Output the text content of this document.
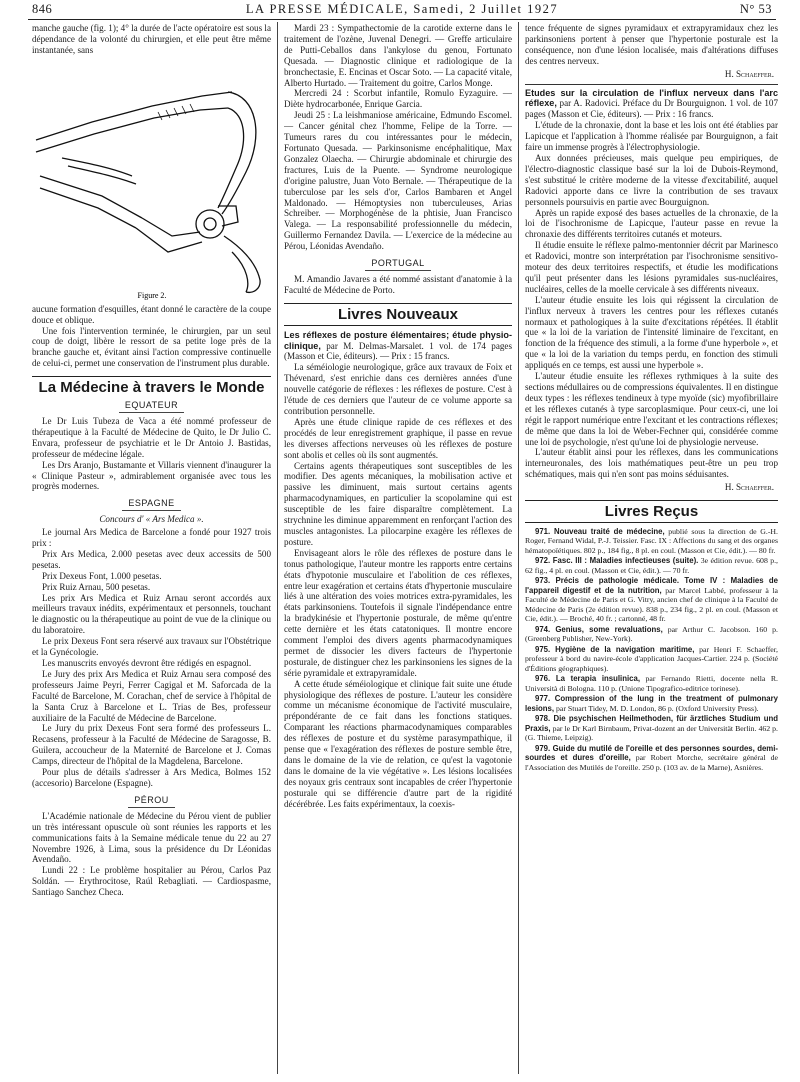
846	LA PRESSE MÉDICALE, Samedi, 2 Juillet 1927	N° 53

manche gauche (fig. 1); 4° la durée de l'acte opératoire est sous la dépendance de la volonté du chirurgien, et elle peut être même instantanée, sans

Figure 2.

aucune formation d'esquilles, étant donné le caractère de la coupe douce et oblique.

Une fois l'intervention terminée, le chirurgien, par un seul coup de doigt, libère le ressort de sa petite loge près de la branche gauche et, évitant ainsi l'action compressive continuelle de celui-ci, permet une conservation de l'instrument plus durable.

La Médecine à travers le Monde
EQUATEUR

Le Dr Luis Tubeza de Vaca a été nommé professeur de thérapeutique à la Faculté de Médecine de Quito, le Dr Julio C. Envara, professeur de psychiatrie et le Dr Antoio J. Bastidas, professeur de médecine légale.

Les Drs Aranjo, Bustamante et Villaris viennent d'inaugurer la « Clinique Pasteur », admirablement organisée avec tous les progrès modernes.

ESPAGNE
Concours d' « Ars Medica ».

Le journal Ars Medica de Barcelone a fondé pour 1927 trois prix :

Prix Ars Medica, 2.000 pesetas avec deux accessits de 500 pesetas.

Prix Dexeus Font, 1.000 pesetas.

Prix Ruiz Arnau, 500 pesetas.

Les prix Ars Medica et Ruiz Arnau seront accordés aux meilleurs travaux inédits, expérimentaux et personnels, touchant le diagnostic ou la thérapeutique au point de vue de la clinique ou du laboratoire.

Le prix Dexeus Font sera réservé aux travaux sur l'Obstétrique et la Gynécologie.

Les manuscrits envoyés devront être rédigés en espagnol.

Le Jury des prix Ars Medica et Ruiz Arnau sera composé des professeurs Jaime Peyri, Ferrer Cagigal et M. Saforcada de la Faculté de Barcelone, M. Corachan, chef de service à l'hôpital de la Santa Cruz à Barcelone et L. Trias de Bes, professeur auxiliaire de la Faculté de Médecine de Barcelone.

Le Jury du prix Dexeus Font sera formé des professeurs L. Recasens, professeur à la Faculté de Médecine de Saragosse, B. Guilera, accoucheur de la Maternité de Barcelone et J. Comas Camps, directeur de l'hôpital de la Magdelena, Barcelone.

Pour plus de détails s'adresser à Ars Medica, Bolmes 152 (accesorio) Barcelone (Espagne).

PÉROU

L'Académie nationale de Médecine du Pérou vient de publier un très intéressant opuscule où sont réunies les rapports et les communications faits à la Semaine médicale tenue du 22 au 27 Novembre 1926, à Lima, sous la présidence du Dr Léonidas Avendaño.

Lundi 22 : Le problème hospitalier au Pérou, Carlos Paz Soldán. — Erythrocitose, Raúl Rebagliati. — Cardiospasme, Santiago Sanchez Checa.

Mardi 23 : Sympathectomie de la carotide externe dans le traitement de l'ozène, Juvenal Denegri. — Greffe articulaire de Putti-Ceballos dans l'ankylose du genou, Fortunato Quesada. — Diagnostic clinique et radiologique de la bronchectasie, E. Encinas et Oscar Soto. — La capacité vitale, Alberto Hurtado. — Traitement du goitre, Carlos Monge.

Mercredi 24 : Scorbut infantile, Romulo Eyzaguire. — Diète hydrocarbonée, Enrique Garcia.

Jeudi 25 : La leishmaniose américaine, Edmundo Escomel. — Cancer génital chez l'homme, Felipe de la Torre. — Tumeurs rares du cou intéressantes pour le médecin, Fortunato Quesada. — Parkinsonisme encéphalitique, Max Gonzalez Olaecha. — Chirurgie abdominale et chirurgie des fractures, Luis de la Puente. — Syndrome neurologique d'origine palustre, Juan Voto Bernale. — Thérapeutique de la tuberculose par les sels d'or, Carlos Bambaren et Angel Maldonado. — Hémoptysies non tuberculeuses, Arias Schreiber. — Morphogénèse de la phtisie, Juan Francisco Valega. — La responsabilité professionnelle du médecin, Guillermo Fernandez Davila. — L'exercice de la médecine au Pérou, Léonidas Avendaño.

PORTUGAL

M. Amandio Javares a été nommé assistant d'anatomie à la Faculté de Médecine de Porto.

Livres Nouveaux

Les réflexes de posture élémentaires; étude physio-clinique, par M. Delmas-Marsalet. 1 vol. de 174 pages (Masson et Cie, éditeurs). — Prix : 15 francs.

La séméiologie neurologique, grâce aux travaux de Foix et Thévenard, s'est enrichie dans ces dernières années d'une nouvelle catégorie de réflexes : les réflexes de posture. C'est à l'étude de ces derniers que l'auteur de ce volume apporte sa contribution personnelle.

Après une étude clinique rapide de ces réflexes et des procédés de leur enregistrement graphique, il passe en revue les diverses affections nerveuses où les réflexes de posture sont abolis et celles où ils sont augmentés.

Certains agents thérapeutiques sont susceptibles de les modifier. Des agents mécaniques, la mobilisation active et passive les diminuent, mais surtout certains agents pharmacodynamiques, en particulier la scopolamine qui est susceptible de les faire disparaître complètement. La strychnine les diminue apparemment en renforçant l'action des muscles antagonistes. La pilocarpine exagère les réflexes de posture.

Envisageant alors le rôle des réflexes de posture dans le tonus pathologique, l'auteur montre les rapports entre certains états d'hypotonie musculaire et l'abolition de ces réflexes, entre leur exagération et certains états d'hypertonie musculaire liés à une altération des voies motrices extra-pyramidales, les états parkinsoniens. Toutefois il signale l'indépendance entre la bradykinésie et l'hypertonie posturale, de même qu'entre cette dernière et les états catatoniques. Il montre encore comment l'emploi des divers agents pharmacodynamiques permet de dissocier les divers facteurs de l'hypertonie posturale, de distinguer chez les parkinsoniens les signes de la série pyramidale et extrapyramidale.

A cette étude séméiologique et clinique fait suite une étude physiologique des réflexes de posture. L'auteur les considère comme un mécanisme économique de l'activité musculaire, prépondérante de ce fait dans les fonctions statiques. Comparant les réactions pharmacodynamiques comparables des réflexes de posture et du système parasympathique, il pense que « l'exagération des réflexes de posture semble être, dans le domaine de la vie de relation, ce qu'est la vagotonie dans le domaine de la vie végétative ». Les lésions localisées des noyaux gris centraux sont incapables de créer l'hypertonie posturale qui se différencie d'autre part de la rigidité décérébrée. Les faits expérimentaux, la coexis-

tence fréquente de signes pyramidaux et extrapyramidaux chez les parkinsoniens portent à penser que l'hypertonie posturale est la conséquence, non d'une lésion localisée, mais d'altérations diffuses des centres nerveux.

H. Schaeffer.

Etudes sur la circulation de l'influx nerveux dans l'arc réflexe, par A. Radovici. Préface du Dr Bourguignon. 1 vol. de 107 pages (Masson et Cie, éditeurs). — Prix : 16 francs.

L'étude de la chronaxie, dont la base et les lois ont été établies par Lapicque et l'application à l'homme réalisée par Bourguignon, a fait faire un immense progrès à l'électrophysiologie.

Aux données précieuses, mais quelque peu empiriques, de l'électro-diagnostic classique basé sur la loi de Dubois-Reymond, s'est substitué le critère moderne de la vitesse d'excitabilité, auquel Radovici apporte dans ce livre la contribution de ses travaux personnels poursuivis en partie avec Bourguignon.

Après un rapide exposé des bases actuelles de la chronaxie, de la loi de l'isochronisme de Lapicque, l'auteur passe en revue la chronaxie des différents territoires cutanés et moteurs.

Il étudie ensuite le réflexe palmo-mentonnier décrit par Marinesco et Radovici, montre son interprétation par l'isochronisme sensitivo-moteur des deux territoires respectifs, et étudie les modifications qu'il peut présenter dans les lésions pyramidales sus-nucléaires, nucléaires, celles de la moelle cervicale à ses différents niveaux.

L'auteur étudie ensuite les lois qui régissent la circulation de l'influx nerveux à travers les centres pour les réflexes cutanés normaux et pathologiques à la suite d'excitations répétées. Il établit que « la loi de la variation de l'intensité liminaire de l'excitant, en fonction de la fréquence des stimuli, a la forme d'une hyperbole », et que « la loi de la variation du temps perdu, en fonction des stimuli appliqués en ce temps, est aussi une hyperbole ».

L'auteur étudie ensuite les réflexes rythmiques à la suite des sections médullaires ou de compressions équivalentes. Il en distingue deux types : les réflexes tendineux à type myoïde (sic) myofibrillaire et les réflexes cutanés à type sarcoplasmique. Pour ceux-ci, une loi régit le rapport numérique entre l'excitant et les contractions réflexes; de même que dans la loi de Weber-Fechner qui, considérée comme une loi de psychologie, n'est qu'une loi de physiologie nerveuse.

L'auteur établit ainsi pour les réflexes, dans les communications interneuronales, des lois mathématiques peut-être un peu trop schématiques, mais qui n'en sont pas moins séduisantes.

H. Schaeffer.
Livres Reçus

971. Nouveau traité de médecine, publié sous la direction de G.-H. Roger, Fernand Widal, P.-J. Teissier. Fasc. IX : Affections du sang et des organes hématopoïétiques. 802 p., 184 fig., 8 pl. en coul. (Masson et Cie, édit.). — 80 fr.

972. Fasc. III : Maladies infectieuses (suite). 3e édition revue. 608 p., 62 fig., 4 pl. en coul. (Masson et Cie, édit.). — 70 fr.

973. Précis de pathologie médicale. Tome IV : Maladies de l'appareil digestif et de la nutrition, par Marcel Labbé, professeur à la Faculté de Médecine de Paris et G. Vitry, ancien chef de clinique à la Faculté de Médecine de Paris (2e édition revue). 838 p., 234 fig., 2 pl. en coul. (Masson et Cie, édit.). — Broché, 40 fr. ; cartonné, 48 fr.

974. Genius, some revaluations, par Arthur C. Jacobson. 160 p. (Greenberg Publisher, New-York).

975. Hygiène de la navigation maritime, par Henri F. Schaeffer, professeur à bord du navire-école d'application Jacques-Cartier. 224 p. (Société d'Éditions géographiques).

976. La terapia insulinica, par Fernando Rietti, docente nella R. Università di Bologna. 110 p. (Unione Tipografico-editrice torinese).

977. Compression of the lung in the treatment of pulmonary lesions, par Stuart Tidey, M. D. London, 86 p. (Oxford University Press).

978. Die psychischen Heilmethoden, für ärztliches Studium und Praxis, par le Dr Karl Birnbaum, Privat-dozent an der Universität Berlin. 462 p. (G. Thieme, Leipzig).

979. Guide du mutilé de l'oreille et des personnes sourdes, demi-sourdes et dures d'oreille, par Robert Morche, secrétaire général de l'Association des Mutilés de l'oreille. 250 p. (103 av. de la Marne), Asnières.
